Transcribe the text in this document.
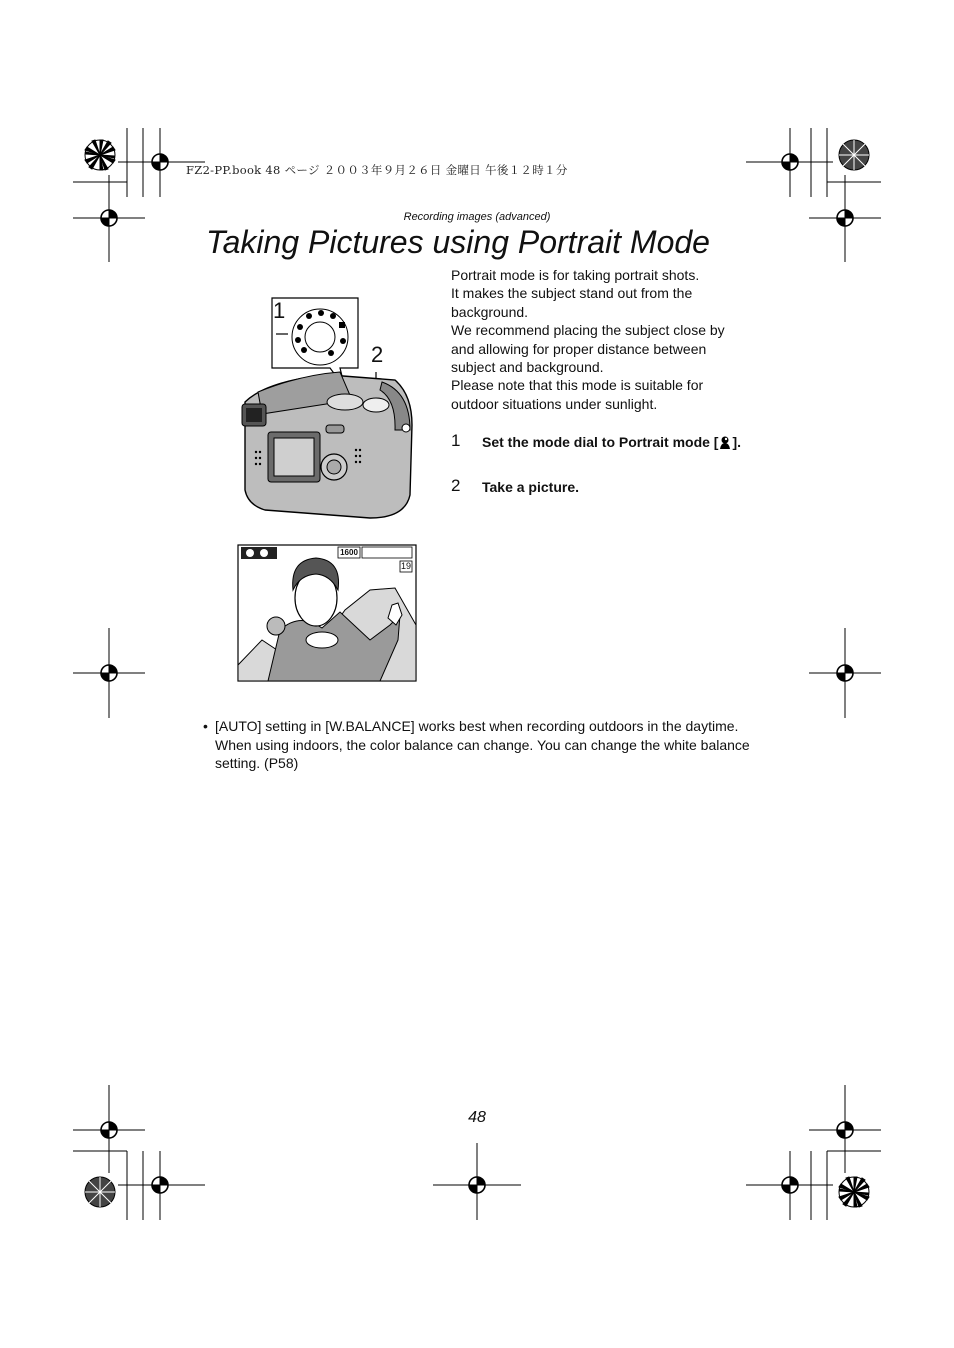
FZ2-PP.book 48 ページ ２００３年９月２６日 金曜日 午後１２時１分
Recording images (advanced)
Taking Pictures using Portrait Mode
1
2
1600
19

Portrait mode is for taking portrait shots.

It makes the subject stand out from the background.

We recommend placing the subject close by and allowing for proper distance between subject and background.

Please note that this mode is suitable for outdoor situations under sunlight.

1 Set the mode dial to Portrait mode [ ].
2 Take a picture.
• [AUTO] setting in [W.BALANCE] works best when recording outdoors in the daytime. When using indoors, the color balance can change. You can change the white balance setting. (P58)
48
